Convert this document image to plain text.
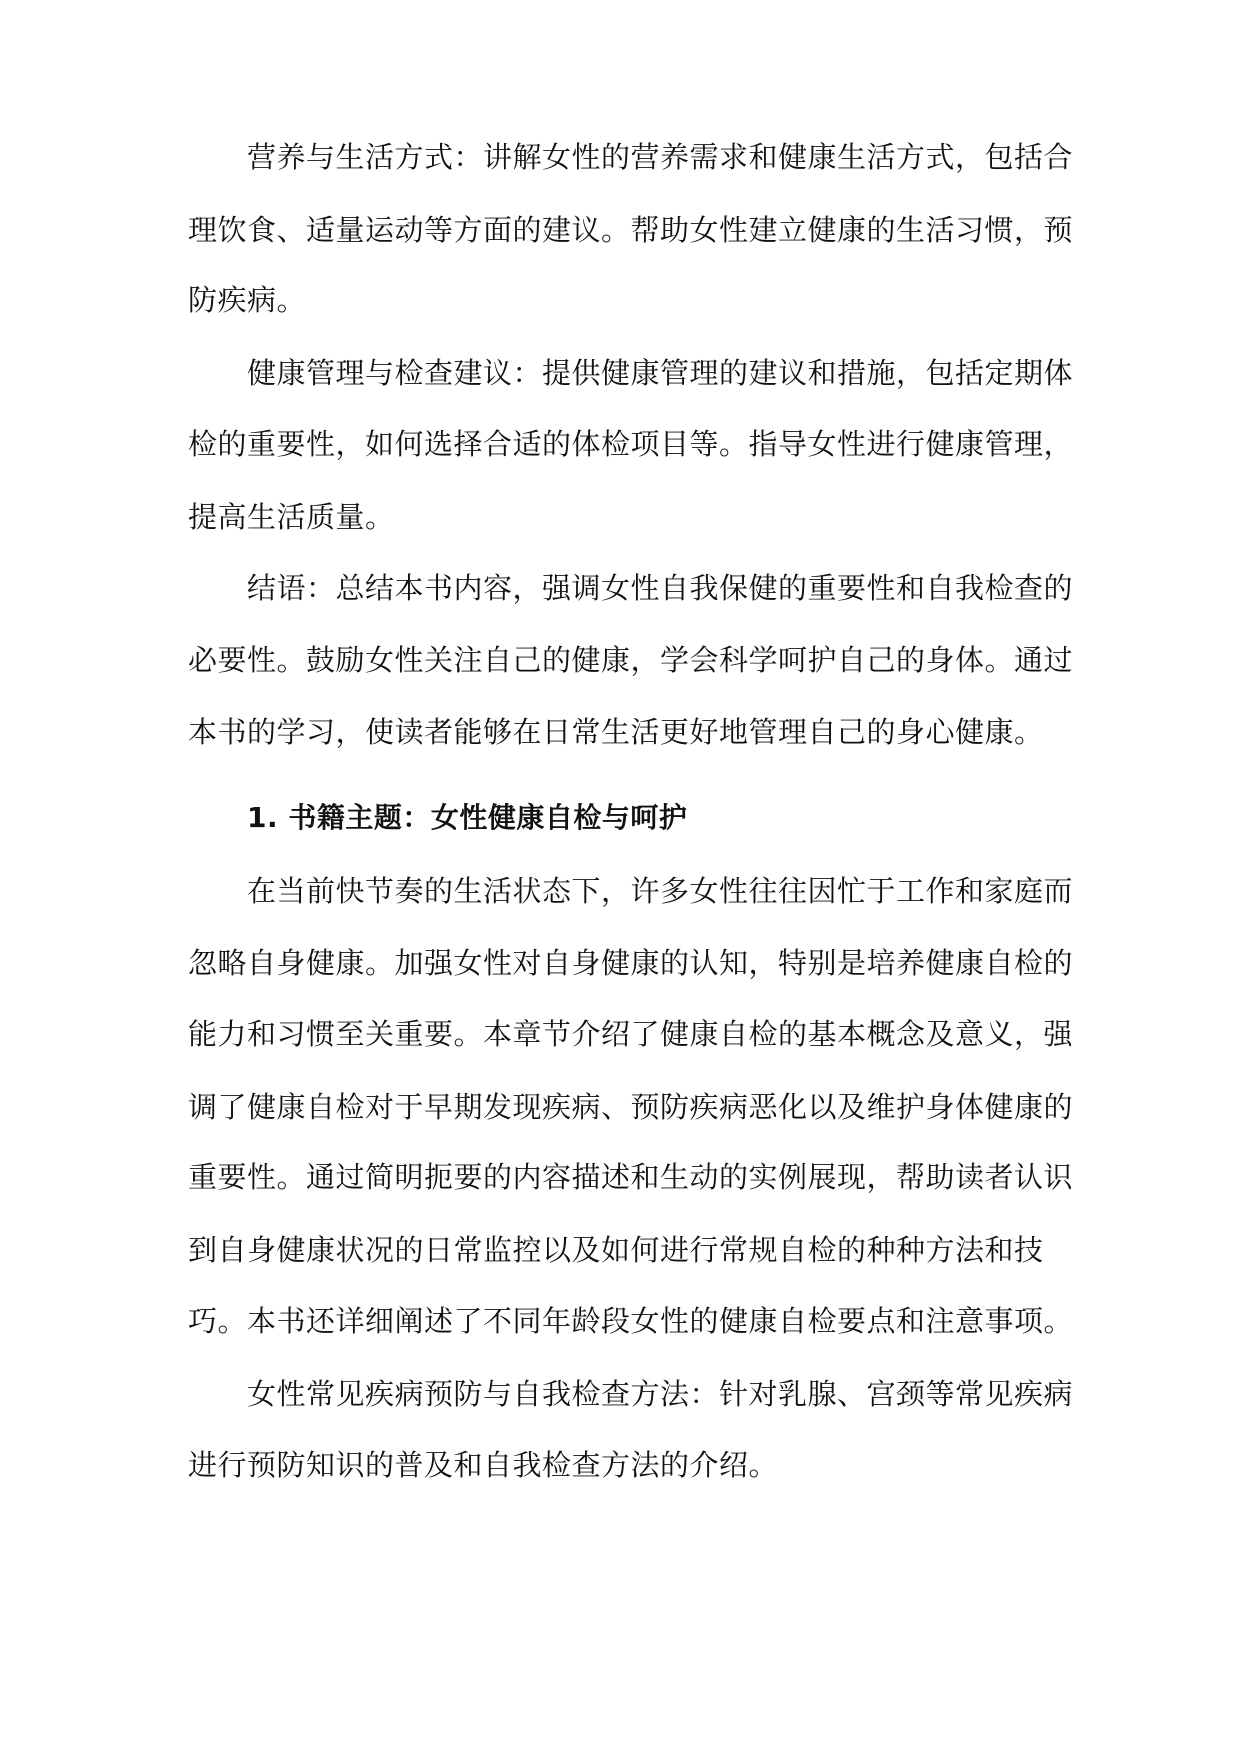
营养与生活方式：讲解女性的营养需求和健康生活方式，包括合
理饮食、适量运动等方面的建议。帮助女性建立健康的生活习惯，预
防疾病。
健康管理与检查建议：提供健康管理的建议和措施，包括定期体
检的重要性，如何选择合适的体检项目等。指导女性进行健康管理，
提高生活质量。
结语：总结本书内容，强调女性自我保健的重要性和自我检查的
必要性。鼓励女性关注自己的健康，学会科学呵护自己的身体。通过
本书的学习，使读者能够在日常生活更好地管理自己的身心健康。
1. 书籍主题：女性健康自检与呵护
在当前快节奏的生活状态下，许多女性往往因忙于工作和家庭而
忽略自身健康。加强女性对自身健康的认知，特别是培养健康自检的
能力和习惯至关重要。本章节介绍了健康自检的基本概念及意义，强
调了健康自检对于早期发现疾病、预防疾病恶化以及维护身体健康的
重要性。通过简明扼要的内容描述和生动的实例展现，帮助读者认识
到自身健康状况的日常监控以及如何进行常规自检的种种方法和技
巧。本书还详细阐述了不同年龄段女性的健康自检要点和注意事项。
女性常见疾病预防与自我检查方法：针对乳腺、宫颈等常见疾病
进行预防知识的普及和自我检查方法的介绍。
